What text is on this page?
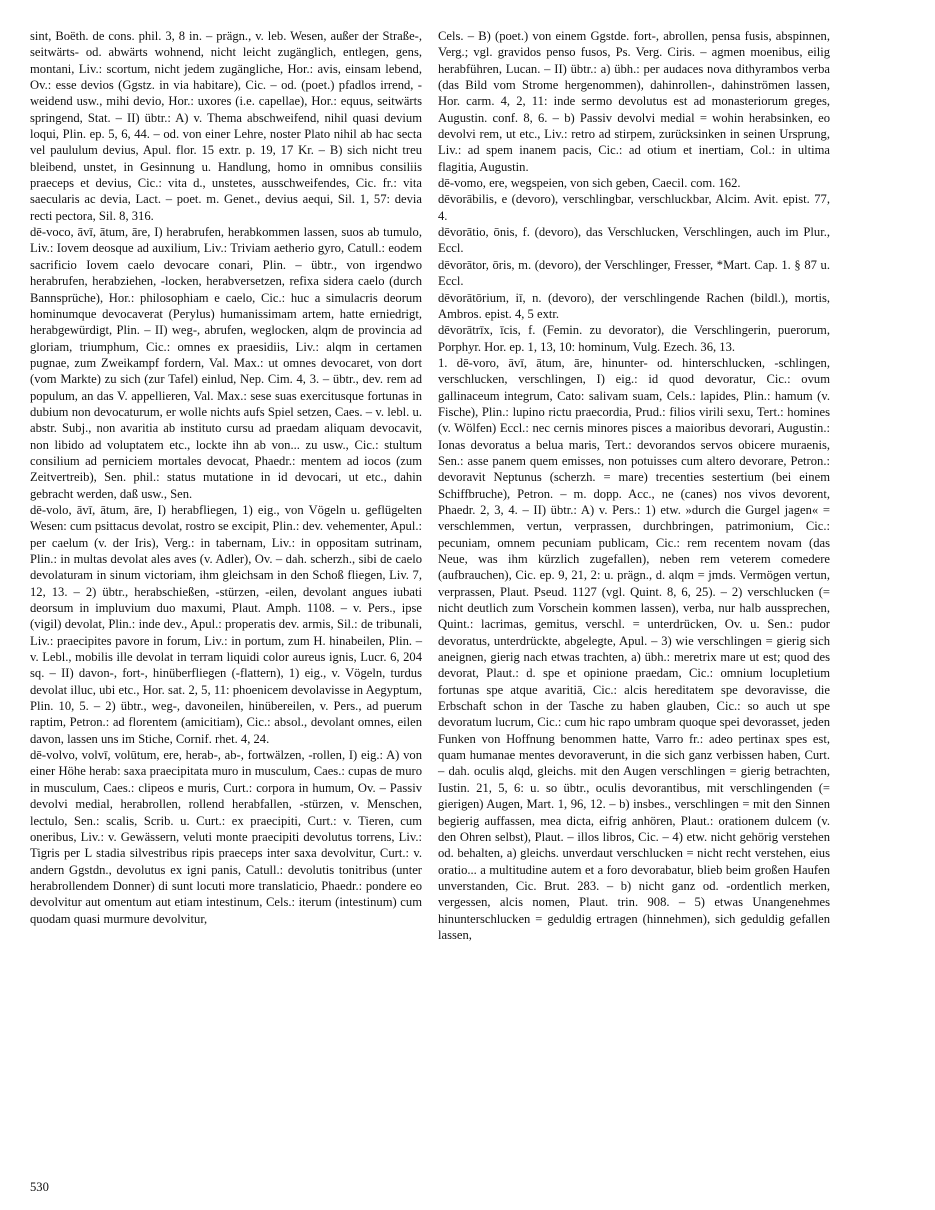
sint, Boëth. de cons. phil. 3, 8 in. – prägn., v. leb. Wesen, außer der Straße-, seitwärts- od. abwärts wohnend, nicht leicht zugänglich, entlegen, gens, montani, Liv.: scortum, nicht jedem zugängliche, Hor.: avis, einsam lebend, Ov.: esse devios (Ggstz. in via habitare), Cic. – od. (poet.) pfadlos irrend, -weidend usw., mihi devio, Hor.: uxores (i.e. capellae), Hor.: equus, seitwärts springend, Stat. – II) übtr.: A) v. Thema abschweifend, nihil quasi devium loqui, Plin. ep. 5, 6, 44. – od. von einer Lehre, noster Plato nihil ab hac secta vel paululum devius, Apul. flor. 15 extr. p. 19, 17 Kr. – B) sich nicht treu bleibend, unstet, in Gesinnung u. Handlung, homo in omnibus consiliis praeceps et devius, Cic.: vita d., unstetes, ausschweifendes, Cic. fr.: vita saecularis ac devia, Lact. – poet. m. Genet., devius aequi, Sil. 1, 57: devia recti pectora, Sil. 8, 316.

dē-voco, āvī, ātum, āre, I) herabrufen, herabkommen lassen, suos ab tumulo, Liv.: Iovem deosque ad auxilium, Liv.: Triviam aetherio gyro, Catull.: eodem sacrificio Iovem caelo devocare conari, Plin. – übtr., von irgendwo herabrufen, herabziehen, -locken, herabversetzen, refixa sidera caelo (durch Bannsprüche), Hor.: philosophiam e caelo, Cic.: huc a simulacris deorum hominumque devocaverat (Perylus) humanissimam artem, hatte erniedrigt, herabgewürdigt, Plin. – II) weg-, abrufen, weglocken, alqm de provincia ad gloriam, triumphum, Cic.: omnes ex praesidiis, Liv.: alqm in certamen pugnae, zum Zweikampf fordern, Val. Max.: ut omnes devocaret, von dort (vom Markte) zu sich (zur Tafel) einlud, Nep. Cim. 4, 3. – übtr., dev. rem ad populum, an das V. appellieren, Val. Max.: sese suas exercitusque fortunas in dubium non devocaturum, er wolle nichts aufs Spiel setzen, Caes. – v. lebl. u. abstr. Subj., non avaritia ab instituto cursu ad praedam aliquam devocavit, non libido ad voluptatem etc., lockte ihn ab von... zu usw., Cic.: stultum consilium ad perniciem mortales devocat, Phaedr.: mentem ad iocos (zum Zeitvertreib), Sen. phil.: status mutatione in id devocari, ut etc., dahin gebracht werden, daß usw., Sen.

dē-volo, āvī, ātum, āre, I) herabfliegen, 1) eig., von Vögeln u. geflügelten Wesen: cum psittacus devolat, rostro se excipit, Plin.: dev. vehementer, Apul.: per caelum (v. der Iris), Verg.: in tabernam, Liv.: in oppositam sutrinam, Plin.: in multas devolat ales aves (v. Adler), Ov. – dah. scherzh., sibi de caelo devolaturam in sinum victoriam, ihm gleichsam in den Schoß fliegen, Liv. 7, 12, 13. – 2) übtr., herabschießen, -stürzen, -eilen, devolant angues iubati deorsum in impluvium duo maxumi, Plaut. Amph. 1108. – v. Pers., ipse (vigil) devolat, Plin.: inde dev., Apul.: properatis dev. armis, Sil.: de tribunali, Liv.: praecipites pavore in forum, Liv.: in portum, zum H. hinabeilen, Plin. – v. Lebl., mobilis ille devolat in terram liquidi color aureus ignis, Lucr. 6, 204 sq. – II) davon-, fort-, hinüberfliegen (-flattern), 1) eig., v. Vögeln, turdus devolat illuc, ubi etc., Hor. sat. 2, 5, 11: phoenicem devolavisse in Aegyptum, Plin. 10, 5. – 2) übtr., weg-, davoneilen, hinübereilen, v. Pers., ad puerum raptim, Petron.: ad florentem (amicitiam), Cic.: absol., devolant omnes, eilen davon, lassen uns im Stiche, Cornif. rhet. 4, 24.

dē-volvo, volvī, volūtum, ere, herab-, ab-, fortwälzen, -rollen, I) eig.: A) von einer Höhe herab: saxa praecipitata muro in musculum, Caes.: cupas de muro in musculum, Caes.: clipeos e muris, Curt.: corpora in humum, Ov. – Passiv devolvi medial, herabrollen, rollend herabfallen, -stürzen, v. Menschen, lectulo, Sen.: scalis, Scrib. u. Curt.: ex praecipiti, Curt.: v. Tieren, cum oneribus, Liv.: v. Gewässern, veluti monte praecipiti devolutus torrens, Liv.: Tigris per L stadia silvestribus ripis praeceps inter saxa devolvitur, Curt.: v. andern Ggstdn., devolutus ex igni panis, Catull.: devolutis tonitribus (unter herabrollendem Donner) di sunt locuti more translaticio, Phaedr.: pondere eo devolvitur aut omentum aut etiam intestinum, Cels.: iterum (intestinum) cum quodam quasi murmure devolvitur,

Cels. – B) (poet.) von einem Ggstde. fort-, abrollen, pensa fusis, abspinnen, Verg.; vgl. gravidos penso fusos, Ps. Verg. Ciris. – agmen moenibus, eilig herabführen, Lucan. – II) übtr.: a) übh.: per audaces nova dithyrambos verba (das Bild vom Strome hergenommen), dahinrollen-, dahinströmen lassen, Hor. carm. 4, 2, 11: inde sermo devolutus est ad monasteriorum greges, Augustin. conf. 8, 6. – b) Passiv devolvi medial = wohin herabsinken, eo devolvi rem, ut etc., Liv.: retro ad stirpem, zurücksinken in seinen Ursprung, Liv.: ad spem inanem pacis, Cic.: ad otium et inertiam, Col.: in ultima flagitia, Augustin.

dē-vomo, ere, wegspeien, von sich geben, Caecil. com. 162.

dēvorābilis, e (devoro), verschlingbar, verschluckbar, Alcim. Avit. epist. 77, 4.

dēvorātio, ōnis, f. (devoro), das Verschlucken, Verschlingen, auch im Plur., Eccl.

dēvorātor, ōris, m. (devoro), der Verschlinger, Fresser, *Mart. Cap. 1. § 87 u. Eccl.

dēvorātōrium, iī, n. (devoro), der verschlingende Rachen (bildl.), mortis, Ambros. epist. 4, 5 extr.

dēvorātrīx, īcis, f. (Femin. zu devorator), die Verschlingerin, puerorum, Porphyr. Hor. ep. 1, 13, 10: hominum, Vulg. Ezech. 36, 13.

1. dē-voro, āvī, ātum, āre, hinunter- od. hinterschlucken, -schlingen, verschlucken, verschlingen, I) eig.: id quod devoratur, Cic.: ovum gallinaceum integrum, Cato: salivam suam, Cels.: lapides, Plin.: hamum (v. Fische), Plin.: lupino rictu praecordia, Prud.: filios virili sexu, Tert.: homines (v. Wölfen) Eccl.: nec cernis minores pisces a maioribus devorari, Augustin.: Ionas devoratus a belua maris, Tert.: devorandos servos obicere muraenis, Sen.: asse panem quem emisses, non potuisses cum altero devorare, Petron.: devoravit Neptunus (scherzh. = mare) trecenties sestertium (bei einem Schiffbruche), Petron. – m. dopp. Acc., ne (canes) nos vivos devorent, Phaedr. 2, 3, 4. – II) übtr.: A) v. Pers.: 1) etw. »durch die Gurgel jagen« = verschlemmen, vertun, verprassen, durchbringen, patrimonium, Cic.: pecuniam, omnem pecuniam publicam, Cic.: rem recentem novam (das Neue, was ihm kürzlich zugefallen), neben rem veterem comedere (aufbrauchen), Cic. ep. 9, 21, 2: u. prägn., d. alqm = jmds. Vermögen vertun, verprassen, Plaut. Pseud. 1127 (vgl. Quint. 8, 6, 25). – 2) verschlucken (= nicht deutlich zum Vorschein kommen lassen), verba, nur halb aussprechen, Quint.: lacrimas, gemitus, verschl. = unterdrücken, Ov. u. Sen.: pudor devoratus, unterdrückte, abgelegte, Apul. – 3) wie verschlingen = gierig sich aneignen, gierig nach etwas trachten, a) übh.: meretrix mare ut est; quod des devorat, Plaut.: d. spe et opinione praedam, Cic.: omnium locupletium fortunas spe atque avaritiā, Cic.: alcis hereditatem spe devoravisse, die Erbschaft schon in der Tasche zu haben glauben, Cic.: so auch ut spe devoratum lucrum, Cic.: cum hic rapo umbram quoque spei devorasset, jeden Funken von Hoffnung benommen hatte, Varro fr.: adeo pertinax spes est, quam humanae mentes devoraverunt, in die sich ganz verbissen haben, Curt. – dah. oculis alqd, gleichs. mit den Augen verschlingen = gierig betrachten, Iustin. 21, 5, 6: u. so übtr., oculis devorantibus, mit verschlingenden (= gierigen) Augen, Mart. 1, 96, 12. – b) insbes., verschlingen = mit den Sinnen begierig auffassen, mea dicta, eifrig anhören, Plaut.: orationem dulcem (v. den Ohren selbst), Plaut. – illos libros, Cic. – 4) etw. nicht gehörig verstehen od. behalten, a) gleichs. unverdaut verschlucken = nicht recht verstehen, eius oratio... a multitudine autem et a foro devorabatur, blieb beim großen Haufen unverstanden, Cic. Brut. 283. – b) nicht ganz od. -ordentlich merken, vergessen, alcis nomen, Plaut. trin. 908. – 5) etwas Unangenehmes hinunterschlucken = geduldig ertragen (hinnehmen), sich geduldig gefallen lassen,

530
